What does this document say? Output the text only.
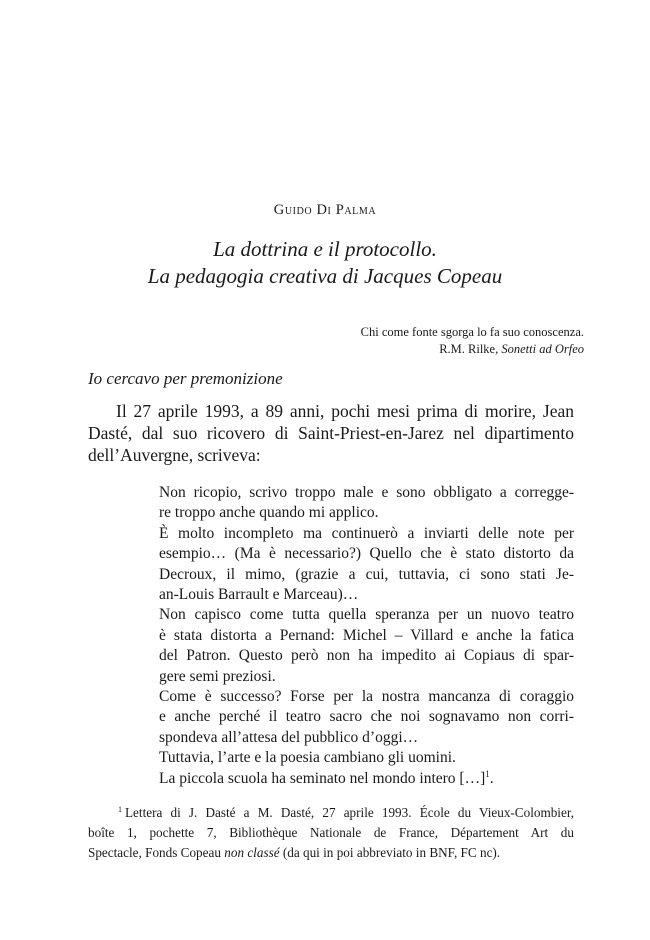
Guido Di Palma
La dottrina e il protocollo.
La pedagogia creativa di Jacques Copeau
Chi come fonte sgorga lo fa suo conoscenza.
R.M. Rilke, Sonetti ad Orfeo
Io cercavo per premonizione

Il 27 aprile 1993, a 89 anni, pochi mesi prima di morire, Jean Dasté, dal suo ricovero di Saint-Priest-en-Jarez nel dipartimento dell’Auvergne, scriveva:

Non ricopio, scrivo troppo male e sono obbligato a corregge-
re troppo anche quando mi applico.
È molto incompleto ma continuerò a inviarti delle note per
esempio… (Ma è necessario?) Quello che è stato distorto da
Decroux, il mimo, (grazie a cui, tuttavia, ci sono stati Je-
an-Louis Barrault e Marceau)…
Non capisco come tutta quella speranza per un nuovo teatro
è stata distorta a Pernand: Michel – Villard e anche la fatica
del Patron. Questo però non ha impedito ai Copiaus di spar-
gere semi preziosi.
Come è successo? Forse per la nostra mancanza di coraggio
e anche perché il teatro sacro che noi sognavamo non corri-
spondeva all’attesa del pubblico d’oggi…
Tuttavia, l’arte e la poesia cambiano gli uomini.
La piccola scuola ha seminato nel mondo intero […]$^1$.
$^1$ Lettera di J. Dasté a M. Dasté, 27 aprile 1993. École du Vieux-Colombier,
boîte 1, pochette 7, Bibliothèque Nationale de France, Département Art du
Spectacle, Fonds Copeau non classé (da qui in poi abbreviato in BNF, FC nc).
